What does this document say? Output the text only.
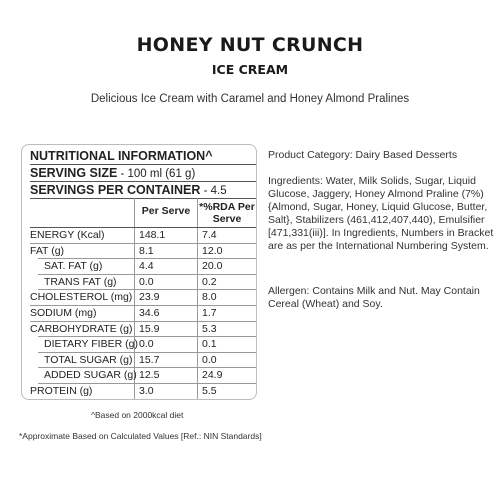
HONEY NUT CRUNCH
ICE CREAM
Delicious Ice Cream with Caramel and Honey Almond Pralines
NUTRITIONAL INFORMATION^
SERVING SIZE - 100 ml (61 g)
SERVINGS PER CONTAINER - 4.5
Per Serve *%RDA Per Serve
ENERGY (Kcal)	148.1	7.4
FAT (g)	8.1	12.0
SAT. FAT (g)	4.4	20.0
TRANS FAT (g) 0.0	0.2
CHOLESTEROL (mg) 23.9	8.0
SODIUM (mg)	34.6	1.7
CARBOHYDRATE (g) 15.9	5.3
DIETARY FIBER (g) 0.0	0.1
TOTAL SUGAR (g) 15.7	0.0
ADDED SUGAR (g) 12.5	24.9
PROTEIN (g)	3.0	5.5
^Based on 2000kcal diet
*Approximate Based on Calculated Values [Ref.: NIN Standards]
Product Category: Dairy Based Desserts
Ingredients: Water, Milk Solids, Sugar, Liquid Glucose, Jaggery, Honey Almond Praline (7%) {Almond, Sugar, Honey, Liquid Glucose, Butter, Salt}, Stabilizers (461,412,407,440), Emulsifier [471,331(iii)]. In Ingredients, Numbers in Bracket are as per the International Numbering System.
Allergen: Contains Milk and Nut. May Contain Cereal (Wheat) and Soy.
